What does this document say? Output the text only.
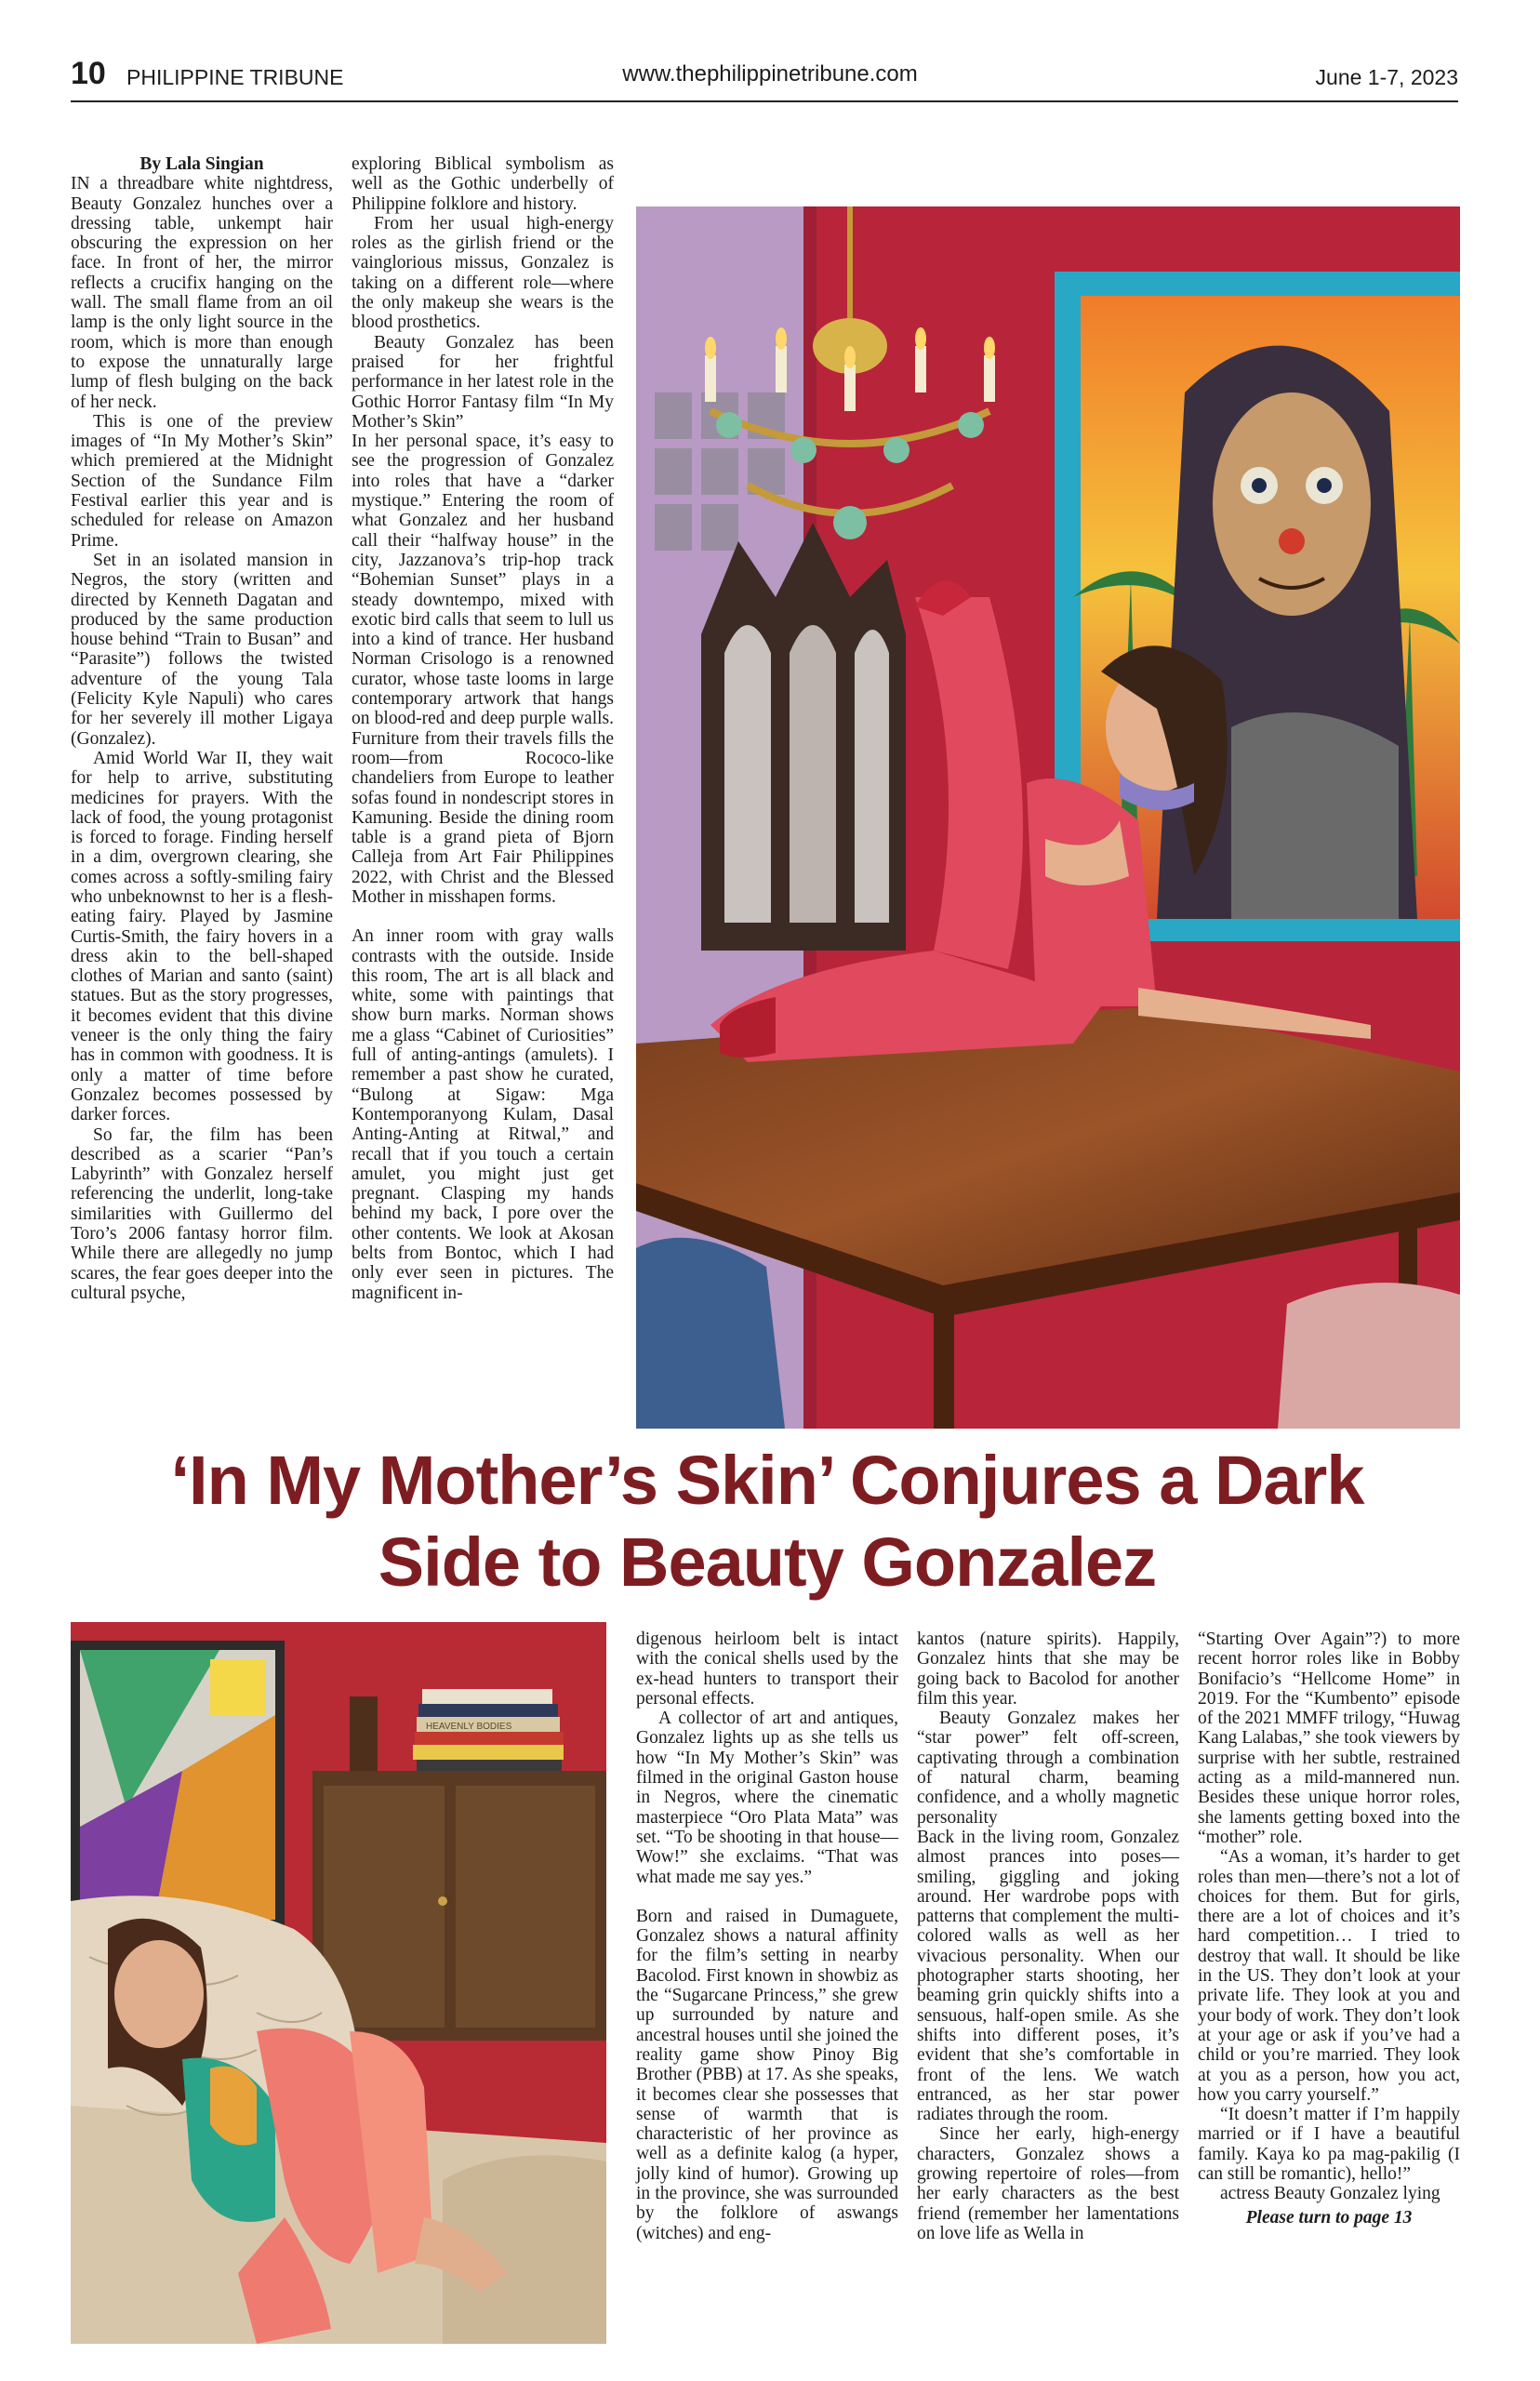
10 PHILIPPINE TRIBUNE	www.thephilippinetribune.com	June 1-7, 2023

By Lala Singian

IN a threadbare white nightdress, Beauty Gonzalez hunches over a dressing table, unkempt hair obscuring the expression on her face. In front of her, the mirror reflects a crucifix hanging on the wall. The small flame from an oil lamp is the only light source in the room, which is more than enough to expose the unnaturally large lump of flesh bulging on the back of her neck.

This is one of the preview images of “In My Mother’s Skin” which premiered at the Midnight Section of the Sundance Film Festival earlier this year and is scheduled for release on Amazon Prime.

Set in an isolated mansion in Negros, the story (written and directed by Kenneth Dagatan and produced by the same production house behind “Train to Busan” and “Parasite”) follows the twisted adventure of the young Tala (Felicity Kyle Napuli) who cares for her severely ill mother Ligaya (Gonzalez).

Amid World War II, they wait for help to arrive, substituting medicines for prayers. With the lack of food, the young protagonist is forced to forage. Finding herself in a dim, overgrown clearing, she comes across a softly-smiling fairy who unbeknownst to her is a flesh-eating fairy. Played by Jasmine Curtis-Smith, the fairy hovers in a dress akin to the bell-shaped clothes of Marian and santo (saint) statues. But as the story progresses, it becomes evident that this divine veneer is the only thing the fairy has in common with goodness. It is only a matter of time before Gonzalez becomes possessed by darker forces.

So far, the film has been described as a scarier “Pan’s Labyrinth” with Gonzalez herself referencing the underlit, long-take similarities with Guillermo del Toro’s 2006 fantasy horror film. While there are allegedly no jump scares, the fear goes deeper into the cultural psyche,

exploring Biblical symbolism as well as the Gothic underbelly of Philippine folklore and history.

From her usual high-energy roles as the girlish friend or the vainglorious missus, Gonzalez is taking on a different role—where the only makeup she wears is the blood prosthetics.

Beauty Gonzalez has been praised for her frightful performance in her latest role in the Gothic Horror Fantasy film “In My Mother’s Skin”

In her personal space, it’s easy to see the progression of Gonzalez into roles that have a “darker mystique.” Entering the room of what Gonzalez and her husband call their “halfway house” in the city, Jazzanova’s trip-hop track “Bohemian Sunset” plays in a steady downtempo, mixed with exotic bird calls that seem to lull us into a kind of trance. Her husband Norman Crisologo is a renowned curator, whose taste looms in large contemporary artwork that hangs on blood-red and deep purple walls. Furniture from their travels fills the room—from Rococo-like chandeliers from Europe to leather sofas found in nondescript stores in Kamuning. Beside the dining room table is a grand pieta of Bjorn Calleja from Art Fair Philippines 2022, with Christ and the Blessed Mother in misshapen forms.

An inner room with gray walls contrasts with the outside. Inside this room, The art is all black and white, some with paintings that show burn marks. Norman shows me a glass “Cabinet of Curiosities” full of anting-antings (amulets). I remember a past show he curated, “Bulong at Sigaw: Mga Kontemporanyong Kulam, Dasal Anting-Anting at Ritwal,” and recall that if you touch a certain amulet, you might just get pregnant. Clasping my hands behind my back, I pore over the other contents. We look at Akosan belts from Bontoc, which I had only ever seen in pictures. The magnificent in-

‘In My Mother’s Skin’ Conjures a Dark
Side to Beauty Gonzalez
HEAVENLY BODIES

digenous heirloom belt is intact with the conical shells used by the ex-head hunters to transport their personal effects.

A collector of art and antiques, Gonzalez lights up as she tells us how “In My Mother’s Skin” was filmed in the original Gaston house in Negros, where the cinematic masterpiece “Oro Plata Mata” was set. “To be shooting in that house—Wow!” she exclaims. “That was what made me say yes.”

Born and raised in Dumaguete, Gonzalez shows a natural affinity for the film’s setting in nearby Bacolod. First known in showbiz as the “Sugarcane Princess,” she grew up surrounded by nature and ancestral houses until she joined the reality game show Pinoy Big Brother (PBB) at 17. As she speaks, it becomes clear she possesses that sense of warmth that is characteristic of her province as well as a definite kalog (a hyper, jolly kind of humor). Growing up in the province, she was surrounded by the folklore of aswangs (witches) and eng-

kantos (nature spirits). Happily, Gonzalez hints that she may be going back to Bacolod for another film this year.

Beauty Gonzalez makes her “star power” felt off-screen, captivating through a combination of natural charm, beaming confidence, and a wholly magnetic personality

Back in the living room, Gonzalez almost prances into poses—smiling, giggling and joking around. Her wardrobe pops with patterns that complement the multi-colored walls as well as her vivacious personality. When our photographer starts shooting, her beaming grin quickly shifts into a sensuous, half-open smile. As she shifts into different poses, it’s evident that she’s comfortable in front of the lens. We watch entranced, as her star power radiates through the room.

Since her early, high-energy characters, Gonzalez shows a growing repertoire of roles—from her early characters as the best friend (remember her lamentations on love life as Wella in

“Starting Over Again”?) to more recent horror roles like in Bobby Bonifacio’s “Hellcome Home” in 2019. For the “Kumbento” episode of the 2021 MMFF trilogy, “Huwag Kang Lalabas,” she took viewers by surprise with her subtle, restrained acting as a mild-mannered nun. Besides these unique horror roles, she laments getting boxed into the “mother” role.

“As a woman, it’s harder to get roles than men—there’s not a lot of choices for them. But for girls, there are a lot of choices and it’s hard competition… I tried to destroy that wall. It should be like in the US. They don’t look at your private life. They look at you and your body of work. They don’t look at your age or ask if you’ve had a child or you’re married. They look at you as a person, how you act, how you carry yourself.”

“It doesn’t matter if I’m happily married or if I have a beautiful family. Kaya ko pa mag-pakilig (I can still be romantic), hello!”

actress Beauty Gonzalez lying

Please turn to page 13
